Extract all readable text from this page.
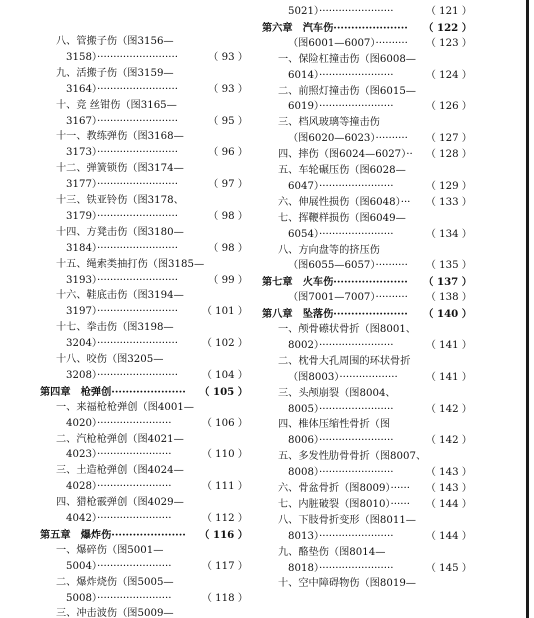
八、管搬子伤（图3156—
3158）·························	（ 93 ）
九、活搬子伤（图3159—
3164）·························	（ 93 ）
十、竞 丝钳伤（图3165—
3167）·························	（ 95 ）
十一、教练弹伤（图3168—
3173）·························	（ 96 ）
十二、弹簧锁伤（图3174—
3177）·························	（ 97 ）
十三、铁亚铃伤（图3178、
3179）·························	（ 98 ）
十四、方凳击伤（图3180—
3184）·························	（ 98 ）
十五、绳索类抽打伤（图3185—
3193）·························	（ 99 ）
十六、鞋底击伤（图3194—
3197）························· （ 101 ）
十七、拳击伤（图3198—
3204）························· （ 102 ）
十八、咬伤（图3205—
3208）························· （ 104 ）
第四章　枪弹创····················· （ 105 ）
一、来福枪枪弹创（图4001—
4020）·······················	（ 106 ）
二、汽枪枪弹创（图4021—
4023）·······················	（ 110 ）
三、土造枪弹创（图4024—
4028）·······················	（ 111 ）
四、猎枪霰弹创（图4029—
4042）·······················	（ 112 ）
第五章　爆炸伤····················· （ 116 ）
一、爆碎伤（图5001—
5004）·······················	（ 117 ）
二、爆炸烧伤（图5005—
5008）·······················	（ 118 ）
三、冲击波伤（图5009—
5021）·······················	（ 121 ）
第六章　汽车伤····················· （ 122 ）
（图6001—6007）·········· （ 123 ）
一、保险杠撞击伤（图6008—
6014）·······················	（ 124 ）
二、前照灯撞击伤（图6015—
6019）·······················	（ 126 ）
三、档风玻璃等撞击伤
（图6020—6023）·········· （ 127 ）
四、摔伤（图6024—6027）·· （ 128 ）
五、车轮碾压伤（图6028—
6047）·······················	（ 129 ）
六、伸展性损伤（图6048）··· （ 133 ）
七、挥鞭样损伤（图6049—
6054）·······················	（ 134 ）
八、方向盘等的挤压伤
（图6055—6057）·········· （ 135 ）
第七章　火车伤····················· （ 137 ）
（图7001—7007）·········· （ 138 ）
第八章　坠落伤····················· （ 140 ）
一、颅骨礤状骨折（图8001、
8002）·······················	（ 141 ）
二、枕骨大孔周围的环状骨折
（图8003）··················	（ 141 ）
三、头颅崩裂（图8004、
8005）·······················	（ 142 ）
四、椎体压缩性骨折（图
8006）·······················	（ 142 ）
五、多发性肋骨骨折（图8007、
8008）·······················	（ 143 ）
六、骨盆骨折（图8009）······ （ 143 ）
七、内脏破裂（图8010）······ （ 144 ）
八、下肢骨折变形（图8011—
8013）·······················	（ 144 ）
九、酪垫伤（图8014—
8018）·······················	（ 145 ）
十、空中障碍物伤（图8019—
